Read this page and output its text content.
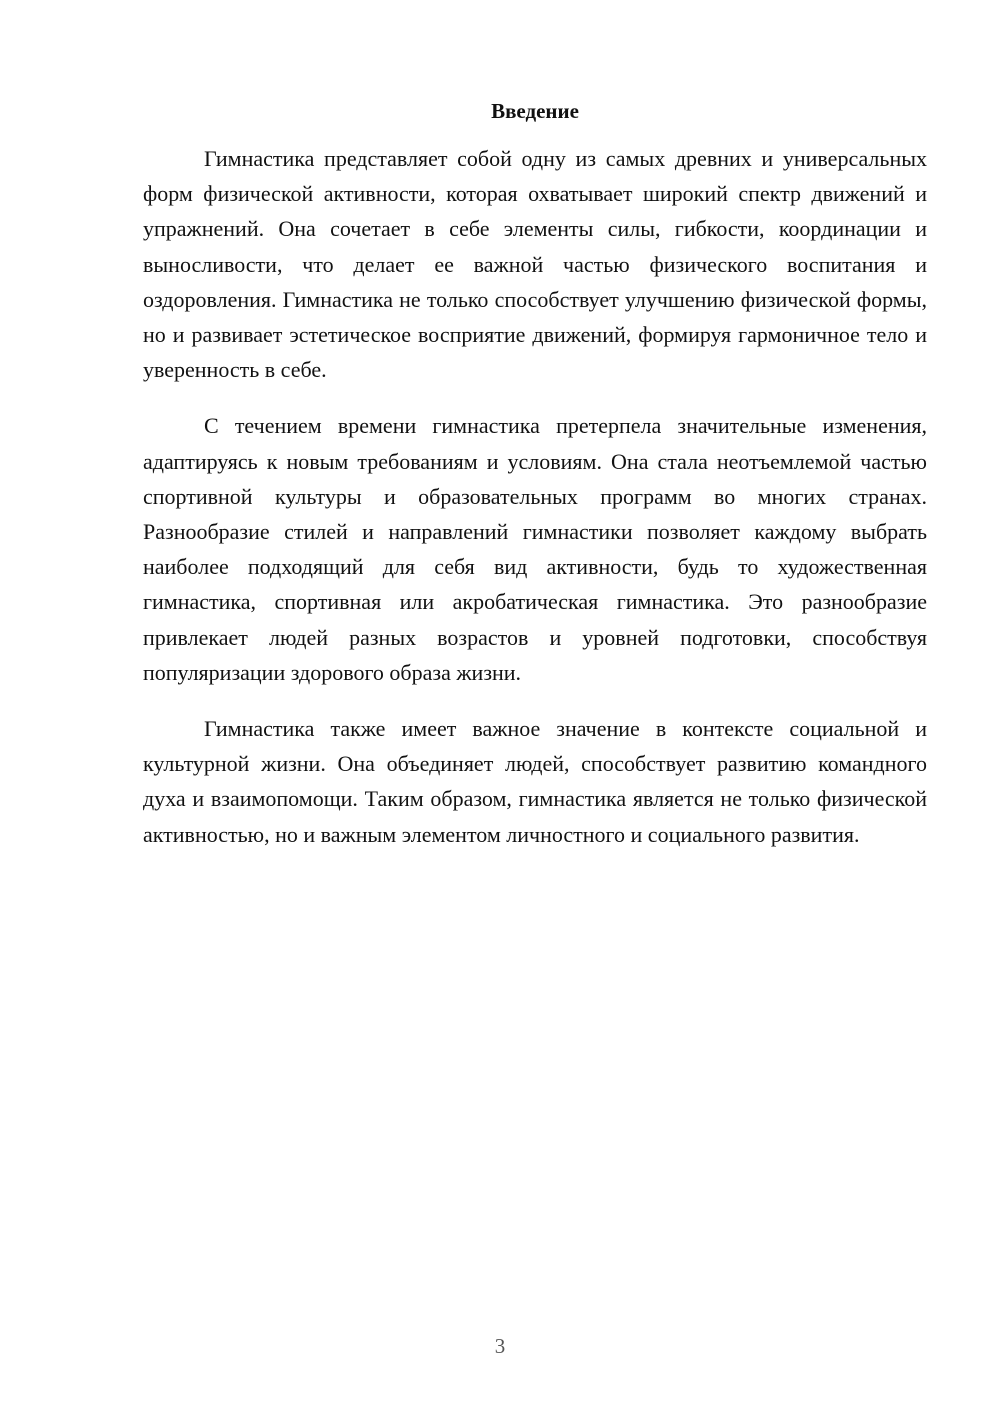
Введение

Гимнастика представляет собой одну из самых древних и универсальных форм физической активности, которая охватывает широкий спектр движений и упражнений. Она сочетает в себе элементы силы, гибкости, координации и выносливости, что делает ее важной частью физического воспитания и оздоровления. Гимнастика не только способствует улучшению физической формы, но и развивает эстетическое восприятие движений, формируя гармоничное тело и уверенность в себе.

С течением времени гимнастика претерпела значительные изменения, адаптируясь к новым требованиям и условиям. Она стала неотъемлемой частью спортивной культуры и образовательных программ во многих странах. Разнообразие стилей и направлений гимнастики позволяет каждому выбрать наиболее подходящий для себя вид активности, будь то художественная гимнастика, спортивная или акробатическая гимнастика. Это разнообразие привлекает людей разных возрастов и уровней подготовки, способствуя популяризации здорового образа жизни.

Гимнастика также имеет важное значение в контексте социальной и культурной жизни. Она объединяет людей, способствует развитию командного духа и взаимопомощи. Таким образом, гимнастика является не только физической активностью, но и важным элементом личностного и социального развития.

3
